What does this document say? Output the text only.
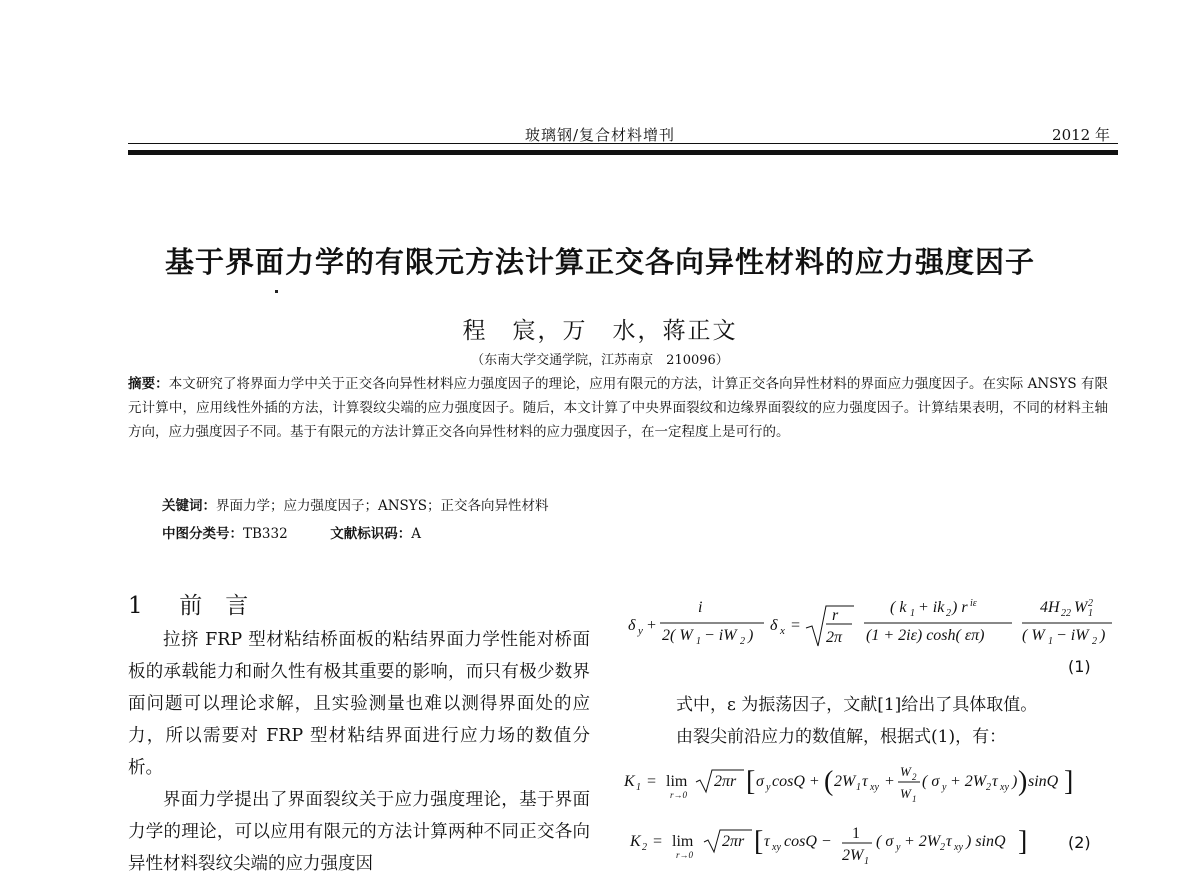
玻璃钢/复合材料增刊	2012 年
基于界面力学的有限元方法计算正交各向异性材料的应力强度因子
程　宸，万　水，蒋正文
（东南大学交通学院，江苏南京　210096）
摘要：本文研究了将界面力学中关于正交各向异性材料应力强度因子的理论，应用有限元的方法，计算正交各向异性材料的界面应力强度因子。在实际 ANSYS 有限元计算中，应用线性外插的方法，计算裂纹尖端的应力强度因子。随后，本文计算了中央界面裂纹和边缘界面裂纹的应力强度因子。计算结果表明，不同的材料主轴方向，应力强度因子不同。基于有限元的方法计算正交各向异性材料的应力强度因子，在一定程度上是可行的。
关键词：界面力学；应力强度因子；ANSYS；正交各向异性材料
中图分类号：TB332	文献标识码：A
1 前　言

拉挤 FRP 型材粘结桥面板的粘结界面力学性能对桥面板的承载能力和耐久性有极其重要的影响，而只有极少数界面问题可以理论求解，且实验测量也难以测得界面处的应力，所以需要对 FRP 型材粘结界面进行应力场的数值分析。

界面力学提出了界面裂纹关于应力强度理论，基于界面力学的理论，可以应用有限元的方法计算两种不同正交各向异性材料裂纹尖端的应力强度因

δ y +
i
2( W 1 − iW 2 )
δ x =
r
2π
( k 1 + ik 2 ) r iε
(1 + 2iε) cosh( επ)
4H 22 W 2
1
( W 1 − iW 2 )
(1)
式中，ε 为振荡因子，文献[1]给出了具体取值。
由裂尖前沿应力的数值解，根据式(1)，有：
K 1 = lim
r→0
2πr [ σ y cosQ + ( 2W 1 τ xy +
W 2
W 1
( σ y + 2W 2 τ xy ) ) sinQ ]
K 2 = lim
r→0
2πr [ τ xy cosQ − 1
2W 1
( σ y + 2W 2 τ xy ) sinQ ]	(2)
